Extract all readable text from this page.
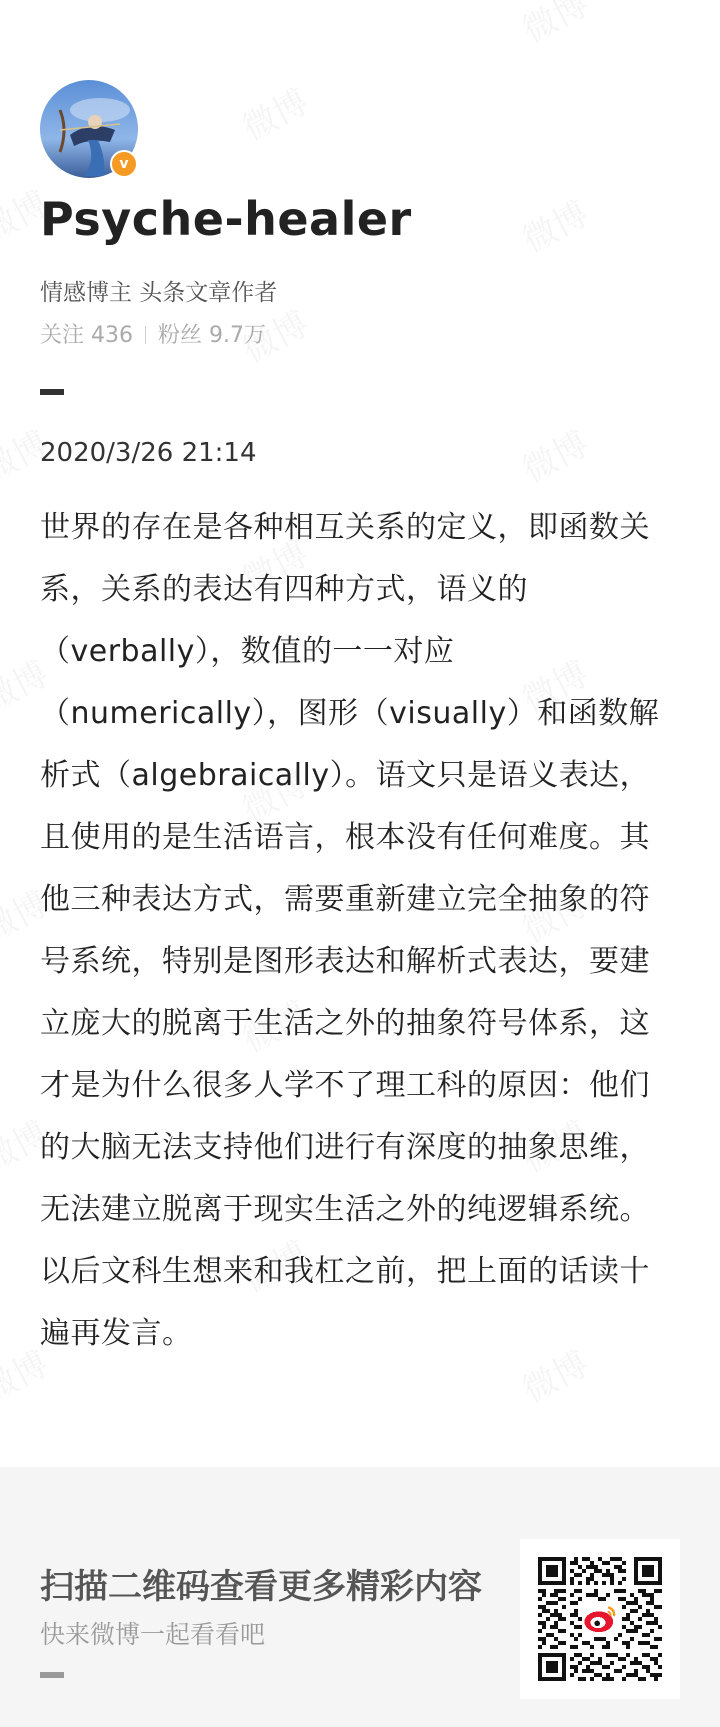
v
Psyche-healer
情感博主 头条文章作者
关注 436 粉丝 9.7万
2020/3/26 21:14

世界的存在是各种相互关系的定义，即函数关系，关系的表达有四种方式，语义的（verbally），数值的一一对应（numerically），图形（visually）和函数解析式（algebraically）。语文只是语义表达，且使用的是生活语言，根本没有任何难度。其他三种表达方式，需要重新建立完全抽象的符号系统，特别是图形表达和解析式表达，要建立庞大的脱离于生活之外的抽象符号体系，这才是为什么很多人学不了理工科的原因：他们的大脑无法支持他们进行有深度的抽象思维，无法建立脱离于现实生活之外的纯逻辑系统。

以后文科生想来和我杠之前，把上面的话读十遍再发言。

扫描二维码查看更多精彩内容
快来微博一起看看吧
